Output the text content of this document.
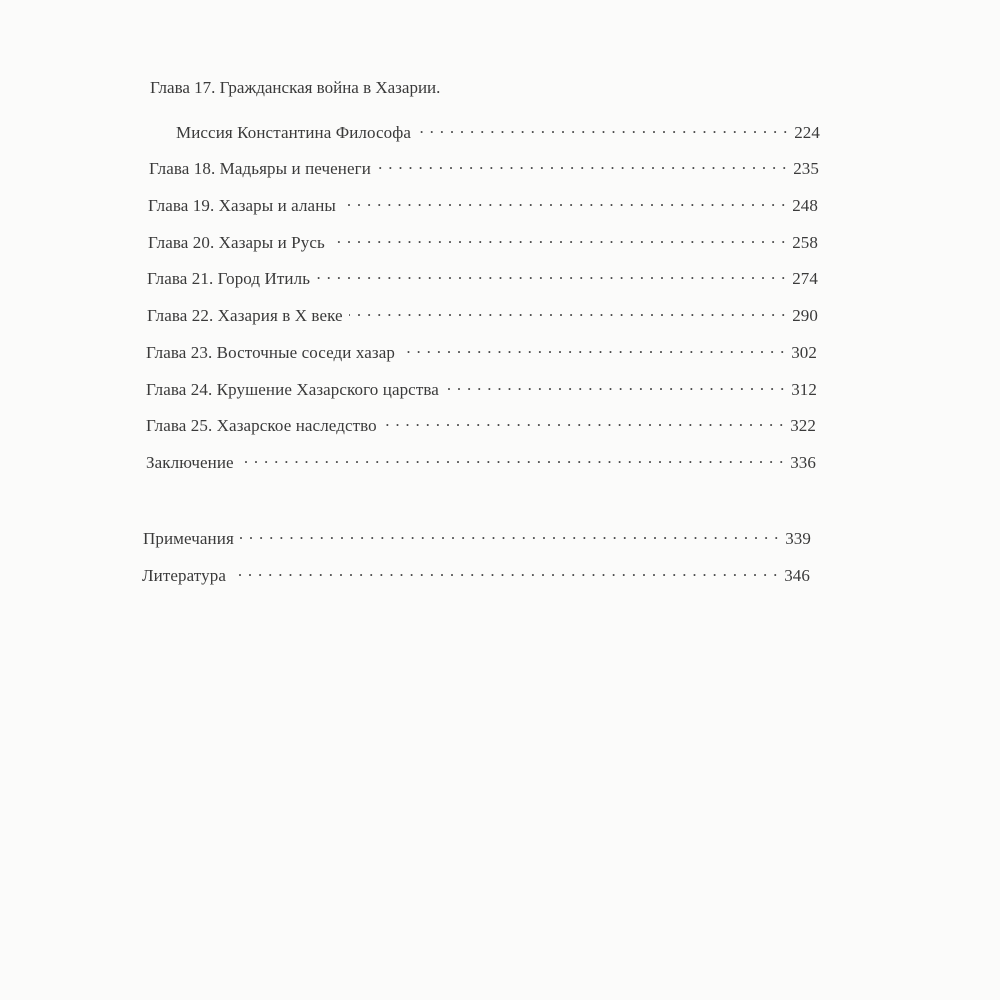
Глава 17. Гражданская война в Хазарии.
Миссия Константина Философа . . .	224
Глава 18. Мадьяры и печенеги . . .	235
Глава 19. Хазары и аланы . . .	248
Глава 20. Хазары и Русь . . .	258
Глава 21. Город Итиль . . .	274
Глава 22. Хазария в X веке . . .	290
Глава 23. Восточные соседи хазар . . .	302
Глава 24. Крушение Хазарского царства . . .	312
Глава 25. Хазарское наследство . . .	322
Заключение . . .	336
Примечания . . .	339
Литература . . .	346
